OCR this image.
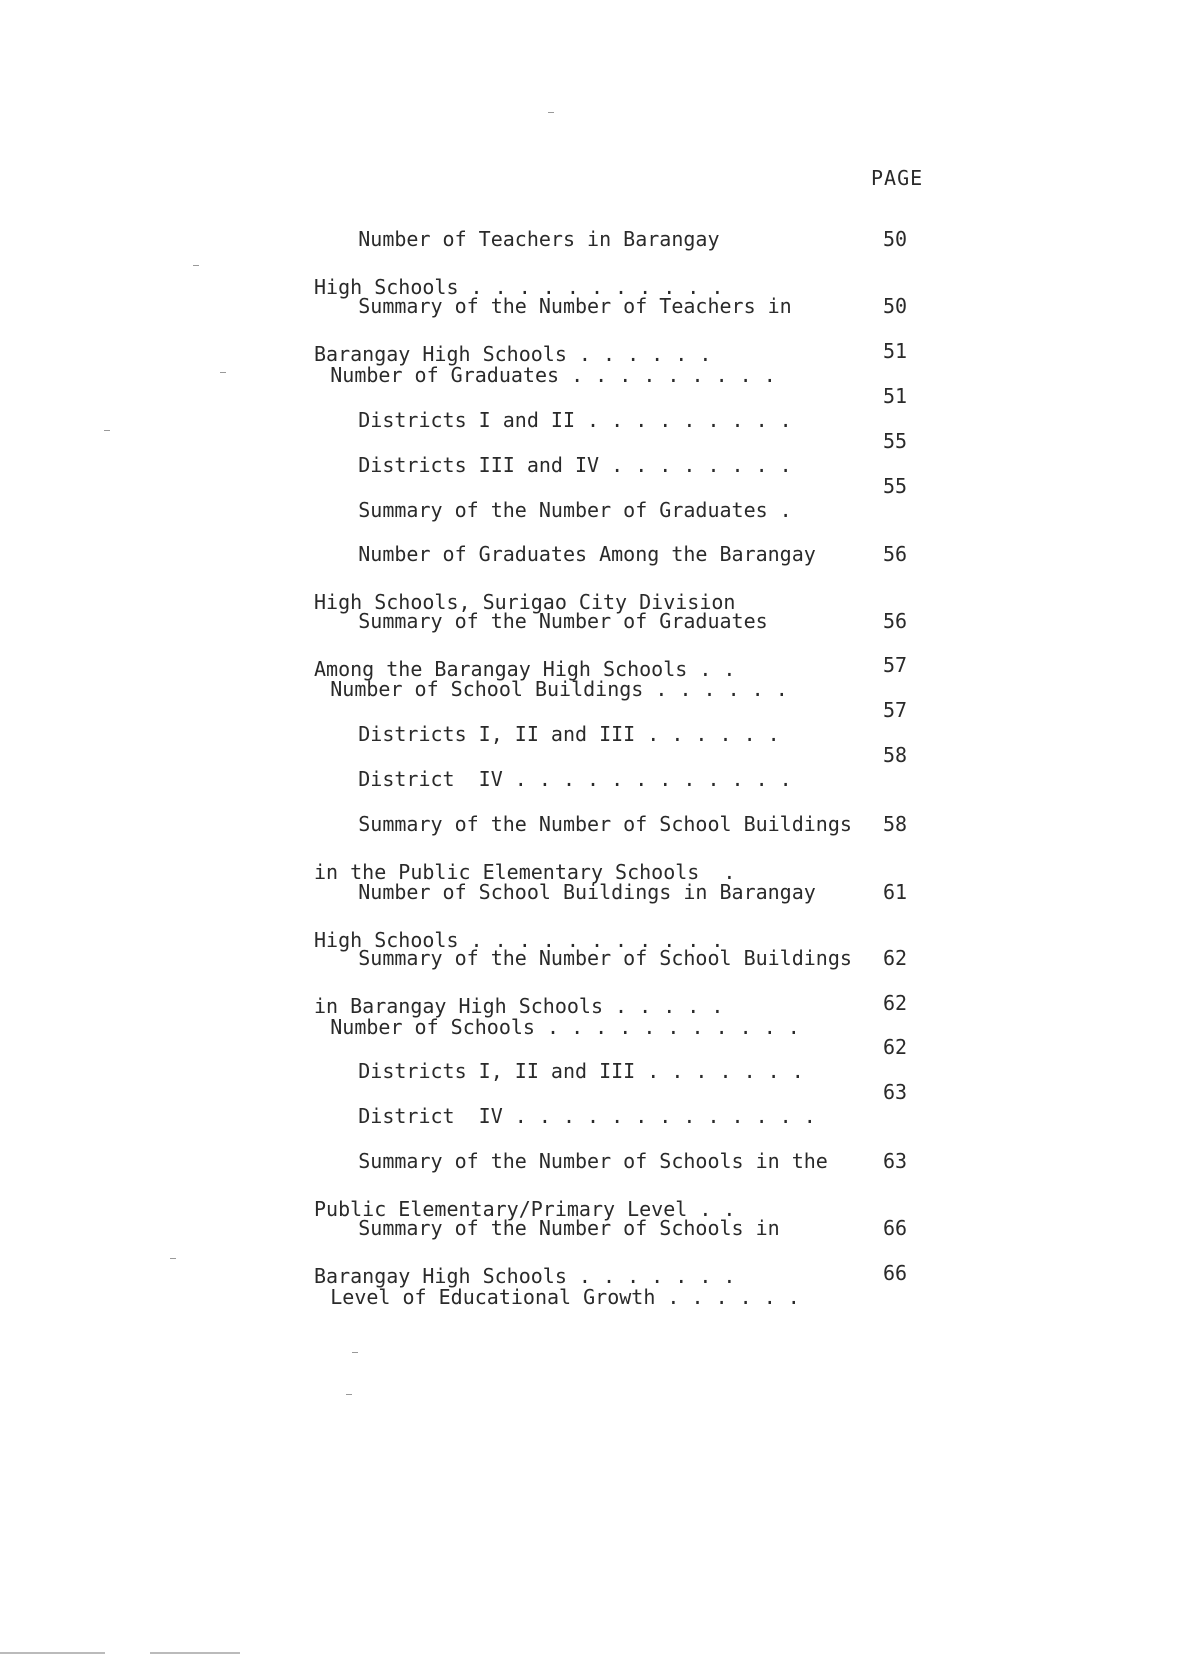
PAGE

Number of Teachers in Barangay

High Schools . . . . . . . . . . .

50

Summary of the Number of Teachers in

Barangay High Schools . . . . . .

50

Number of Graduates . . . . . . . . .

51

Districts I and II . . . . . . . . .

51

Districts III and IV . . . . . . . .

55

Summary of the Number of Graduates .

55

Number of Graduates Among the Barangay

High Schools, Surigao City Division

56

Summary of the Number of Graduates

Among the Barangay High Schools . .

56

Number of School Buildings . . . . . .

57

Districts I, II and III . . . . . .

57

District  IV . . . . . . . . . . . .

58

Summary of the Number of School Buildings

in the Public Elementary Schools  .

58

Number of School Buildings in Barangay

High Schools . . . . . . . . . . .

61

Summary of the Number of School Buildings

in Barangay High Schools . . . . .

62

Number of Schools . . . . . . . . . . .

62

Districts I, II and III . . . . . . .

62

District  IV . . . . . . . . . . . . .

63

Summary of the Number of Schools in the

Public Elementary/Primary Level . .

63

Summary of the Number of Schools in

Barangay High Schools . . . . . . .

66

Level of Educational Growth . . . . . .

66
